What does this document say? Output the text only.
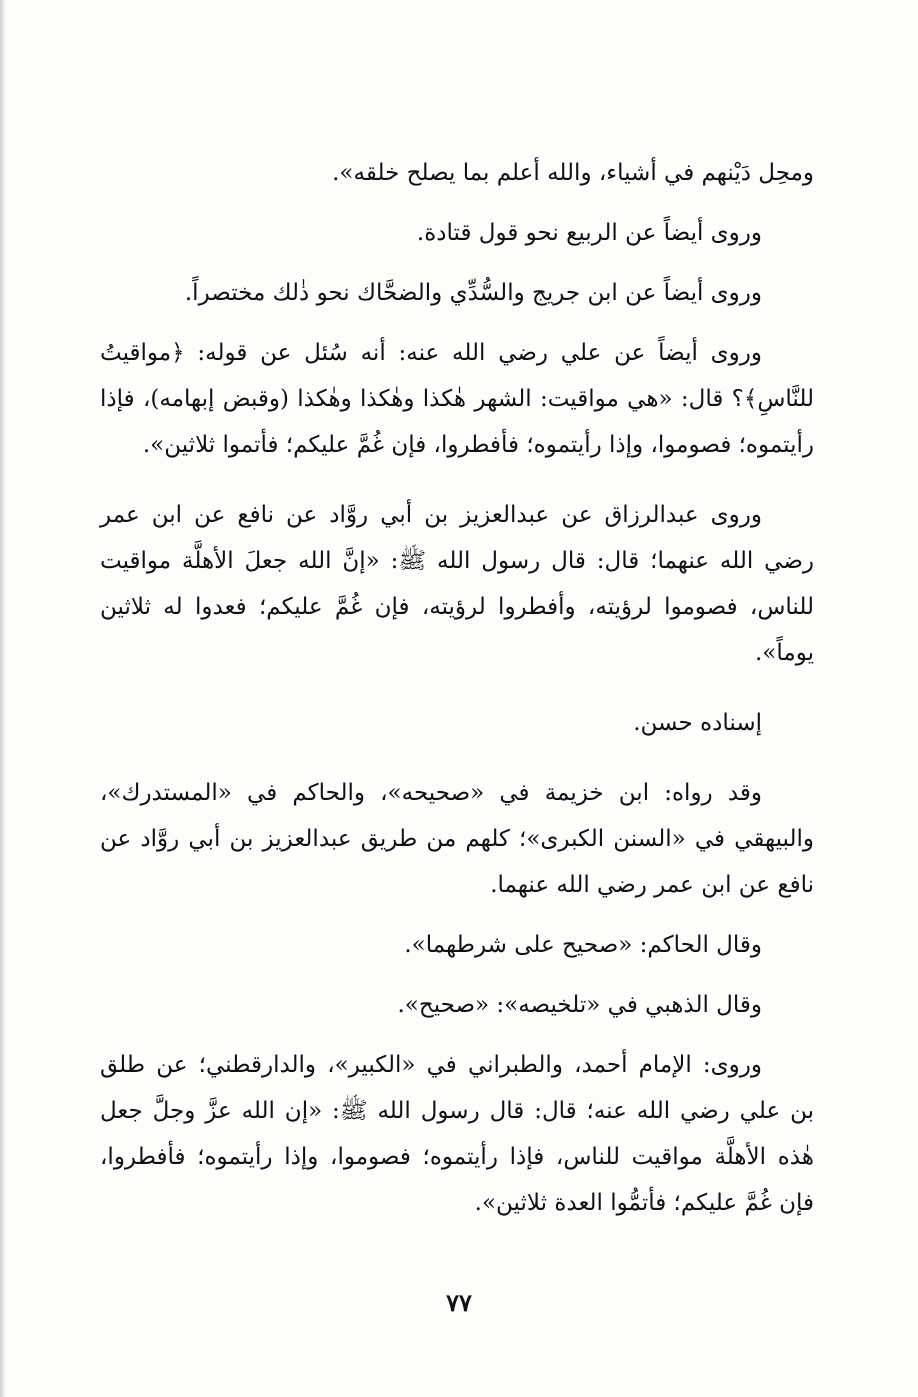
ومحِل دَيْنهم في أشياء، والله أعلم بما يصلح خلقه».

وروى أيضاً عن الربيع نحو قول قتادة.

وروى أيضاً عن ابن جريج والسُّدِّي والضحَّاك نحو ذٰلك مختصراً.

وروى أيضاً عن علي رضي الله عنه: أنه سُئل عن قوله: ﴿مواقيتُ للنَّاسِ﴾؟ قال: «هي مواقيت: الشهر هٰكذا وهٰكذا وهٰكذا (وقبض إبهامه)، فإذا رأيتموه؛ فصوموا، وإذا رأيتموه؛ فأفطروا، فإن غُمَّ عليكم؛ فأتموا ثلاثين».

وروى عبدالرزاق عن عبدالعزيز بن أبي روَّاد عن نافع عن ابن عمر رضي الله عنهما؛ قال: قال رسول الله ﷺ: «إنَّ الله جعلَ الأهلَّة مواقيت للناس، فصوموا لرؤيته، وأفطروا لرؤيته، فإن غُمَّ عليكم؛ فعدوا له ثلاثين يوماً».

إسناده حسن.

وقد رواه: ابن خزيمة في «صحيحه»، والحاكم في «المستدرك»، والبيهقي في «السنن الكبرى»؛ كلهم من طريق عبدالعزيز بن أبي روَّاد عن نافع عن ابن عمر رضي الله عنهما.

وقال الحاكم: «صحيح على شرطهما».

وقال الذهبي في «تلخيصه»: «صحيح».

وروى: الإمام أحمد، والطبراني في «الكبير»، والدارقطني؛ عن طلق بن علي رضي الله عنه؛ قال: قال رسول الله ﷺ: «إن الله عزَّ وجلَّ جعل هٰذه الأهلَّة مواقيت للناس، فإذا رأيتموه؛ فصوموا، وإذا رأيتموه؛ فأفطروا، فإن غُمَّ عليكم؛ فأتمُّوا العدة ثلاثين».

٧٧
